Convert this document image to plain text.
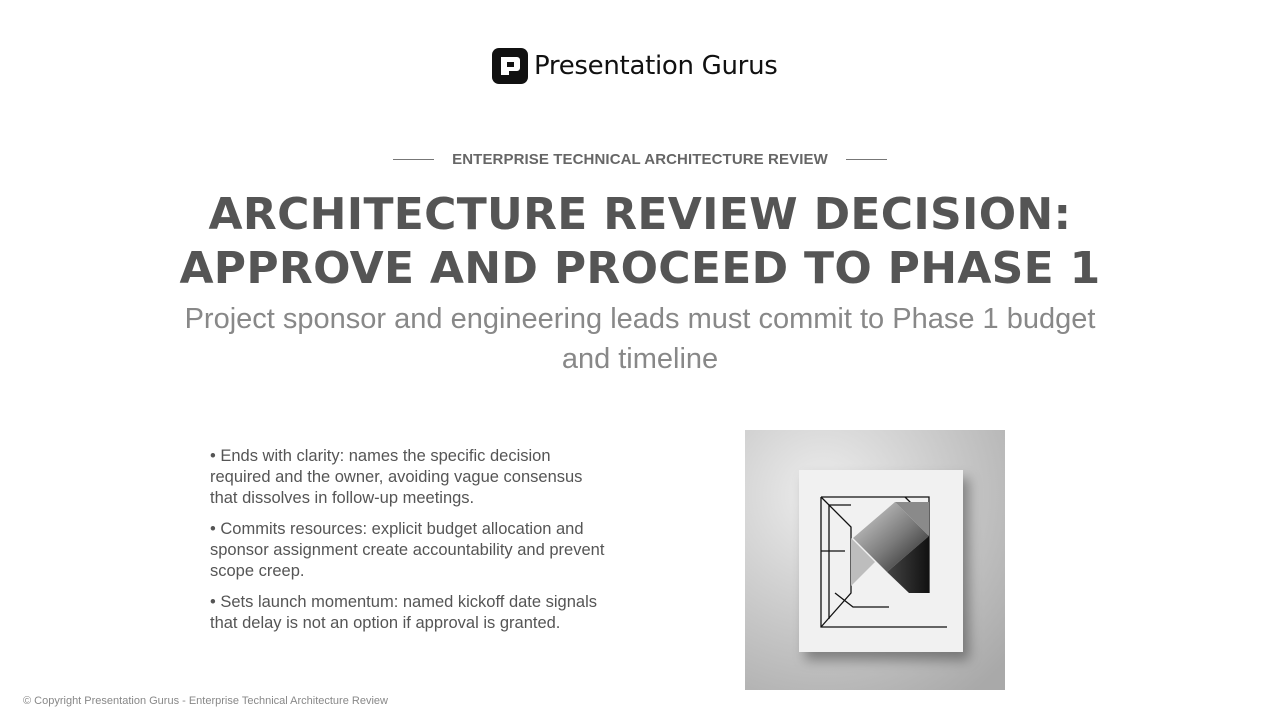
Presentation Gurus
ENTERPRISE TECHNICAL ARCHITECTURE REVIEW
ARCHITECTURE REVIEW DECISION: APPROVE AND PROCEED TO PHASE 1

Project sponsor and engineering leads must commit to Phase 1 budget and timeline

• Ends with clarity: names the specific decision required and the owner, avoiding vague consensus that dissolves in follow-up meetings.
• Commits resources: explicit budget allocation and sponsor assignment create accountability and prevent scope creep.
• Sets launch momentum: named kickoff date signals that delay is not an option if approval is granted.
© Copyright Presentation Gurus - Enterprise Technical Architecture Review
